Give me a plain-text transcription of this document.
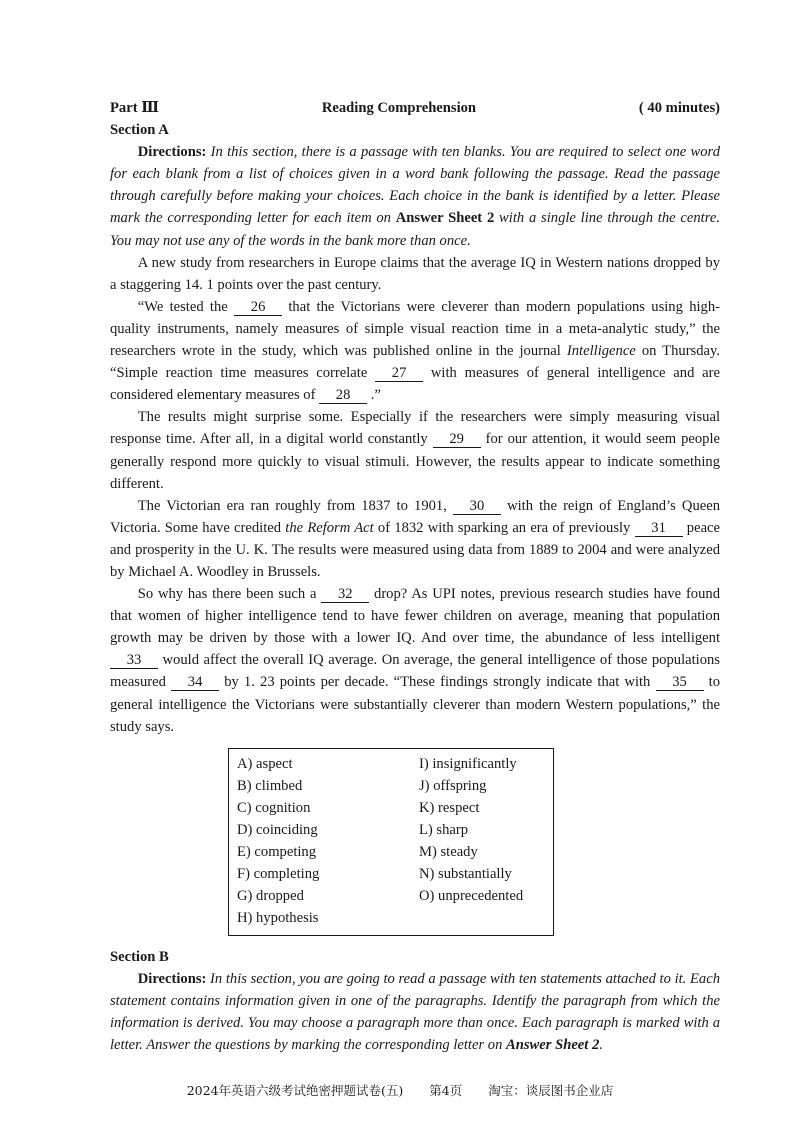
Part Ⅲ	Reading Comprehension	( 40 minutes)
Section A

Directions: In this section, there is a passage with ten blanks. You are required to select one word for each blank from a list of choices given in a word bank following the passage. Read the passage through carefully before making your choices. Each choice in the bank is identified by a letter. Please mark the corresponding letter for each item on Answer Sheet 2 with a single line through the centre. You may not use any of the words in the bank more than once.

A new study from researchers in Europe claims that the average IQ in Western nations dropped by a staggering 14. 1 points over the past century.

“We tested the 26 that the Victorians were cleverer than modern populations using high-quality instruments, namely measures of simple visual reaction time in a meta-analytic study,” the researchers wrote in the study, which was published online in the journal Intelligence on Thursday. “Simple reaction time measures correlate 27 with measures of general intelligence and are considered elementary measures of 28 .”

The results might surprise some. Especially if the researchers were simply measuring visual response time. After all, in a digital world constantly 29 for our attention, it would seem people generally respond more quickly to visual stimuli. However, the results appear to indicate something different.

The Victorian era ran roughly from 1837 to 1901, 30 with the reign of England’s Queen Victoria. Some have credited the Reform Act of 1832 with sparking an era of previously 31 peace and prosperity in the U. K. The results were measured using data from 1889 to 2004 and were analyzed by Michael A. Woodley in Brussels.

So why has there been such a 32 drop? As UPI notes, previous research studies have found that women of higher intelligence tend to have fewer children on average, meaning that population growth may be driven by those with a lower IQ. And over time, the abundance of less intelligent 33 would affect the overall IQ average. On average, the general intelligence of those populations measured 34 by 1. 23 points per decade. “These findings strongly indicate that with 35 to general intelligence the Victorians were substantially cleverer than modern Western populations,” the study says.

A) aspect
B) climbed
C) cognition
D) coinciding
E) competing
F) completing
G) dropped
H) hypothesis
I) insignificantly
J) offspring
K) respect
L) sharp
M) steady
N) substantially
O) unprecedented
Section B

Directions: In this section, you are going to read a passage with ten statements attached to it. Each statement contains information given in one of the paragraphs. Identify the paragraph from which the information is derived. You may choose a paragraph more than once. Each paragraph is marked with a letter. Answer the questions by marking the corresponding letter on Answer Sheet 2.

2024年英语六级考试绝密押题试卷(五) 第4页 淘宝：谈辰图书企业店
